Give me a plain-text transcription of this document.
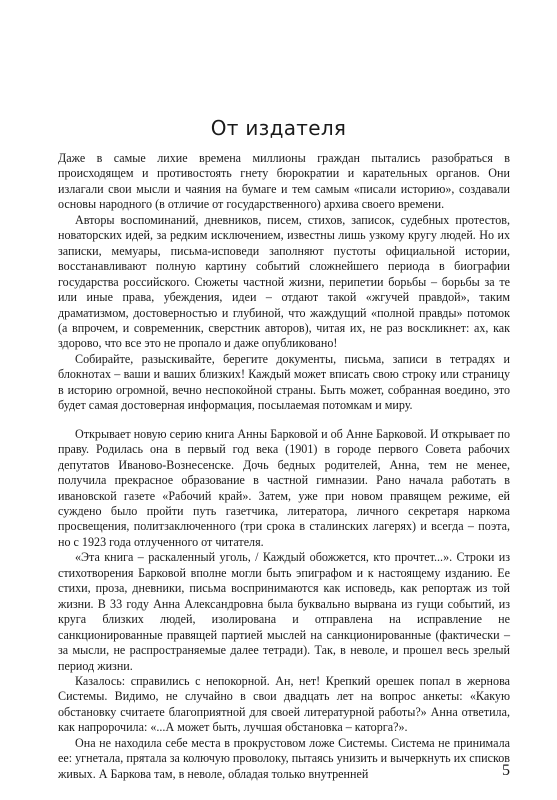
От издателя

Даже в самые лихие времена миллионы граждан пытались разобраться в происходящем и противостоять гнету бюрократии и карательных органов. Они излагали свои мысли и чаяния на бумаге и тем самым «писали историю», создавали основы народного (в отличие от государственного) архива своего времени.

Авторы воспоминаний, дневников, писем, стихов, записок, судебных протестов, новаторских идей, за редким исключением, известны лишь узкому кругу людей. Но их записки, мемуары, письма-исповеди заполняют пустоты официальной истории, восстанавливают полную картину событий сложнейшего периода в биографии государства российского. Сюжеты частной жизни, перипетии борьбы – борьбы за те или иные права, убеждения, идеи – отдают такой «жгучей правдой», таким драматизмом, достоверностью и глубиной, что жаждущий «полной правды» потомок (а впрочем, и современник, сверстник авторов), читая их, не раз воскликнет: ах, как здорово, что все это не пропало и даже опубликовано!

Собирайте, разыскивайте, берегите документы, письма, записи в тетрадях и блокнотах – ваши и ваших близких! Каждый может вписать свою строку или страницу в историю огромной, вечно неспокойной страны. Быть может, собранная воедино, это будет самая достоверная информация, посылаемая потомкам и миру.

Открывает новую серию книга Анны Барковой и об Анне Барковой. И открывает по праву. Родилась она в первый год века (1901) в городе первого Совета рабочих депутатов Иваново-Вознесенске. Дочь бедных родителей, Анна, тем не менее, получила прекрасное образование в частной гимназии. Рано начала работать в ивановской газете «Рабочий край». Затем, уже при новом правящем режиме, ей суждено было пройти путь газетчика, литератора, личного секретаря наркома просвещения, политзаключенного (три срока в сталинских лагерях) и всегда – поэта, но с 1923 года отлученного от читателя.

«Эта книга – раскаленный уголь, / Каждый обожжется, кто прочтет...». Строки из стихотворения Барковой вполне могли быть эпиграфом и к настоящему изданию. Ее стихи, проза, дневники, письма воспринимаются как исповедь, как репортаж из той жизни. В 33 году Анна Александровна была буквально вырвана из гущи событий, из круга близких людей, изолирована и отправлена на исправление не санкционированные правящей партией мыслей на санкционированные (фактически – за мысли, не распространяемые далее тетради). Так, в неволе, и прошел весь зрелый период жизни.

Казалось: справились с непокорной. Ан, нет! Крепкий орешек попал в жернова Системы. Видимо, не случайно в свои двадцать лет на вопрос анкеты: «Какую обстановку считаете благоприятной для своей литературной работы?» Анна ответила, как напророчила: «...А может быть, лучшая обстановка – каторга?».

Она не находила себе места в прокрустовом ложе Системы. Система не принимала ее: угнетала, прятала за колючую проволоку, пытаясь унизить и вычеркнуть их списков живых. А Баркова там, в неволе, обладая только внутренней	5
